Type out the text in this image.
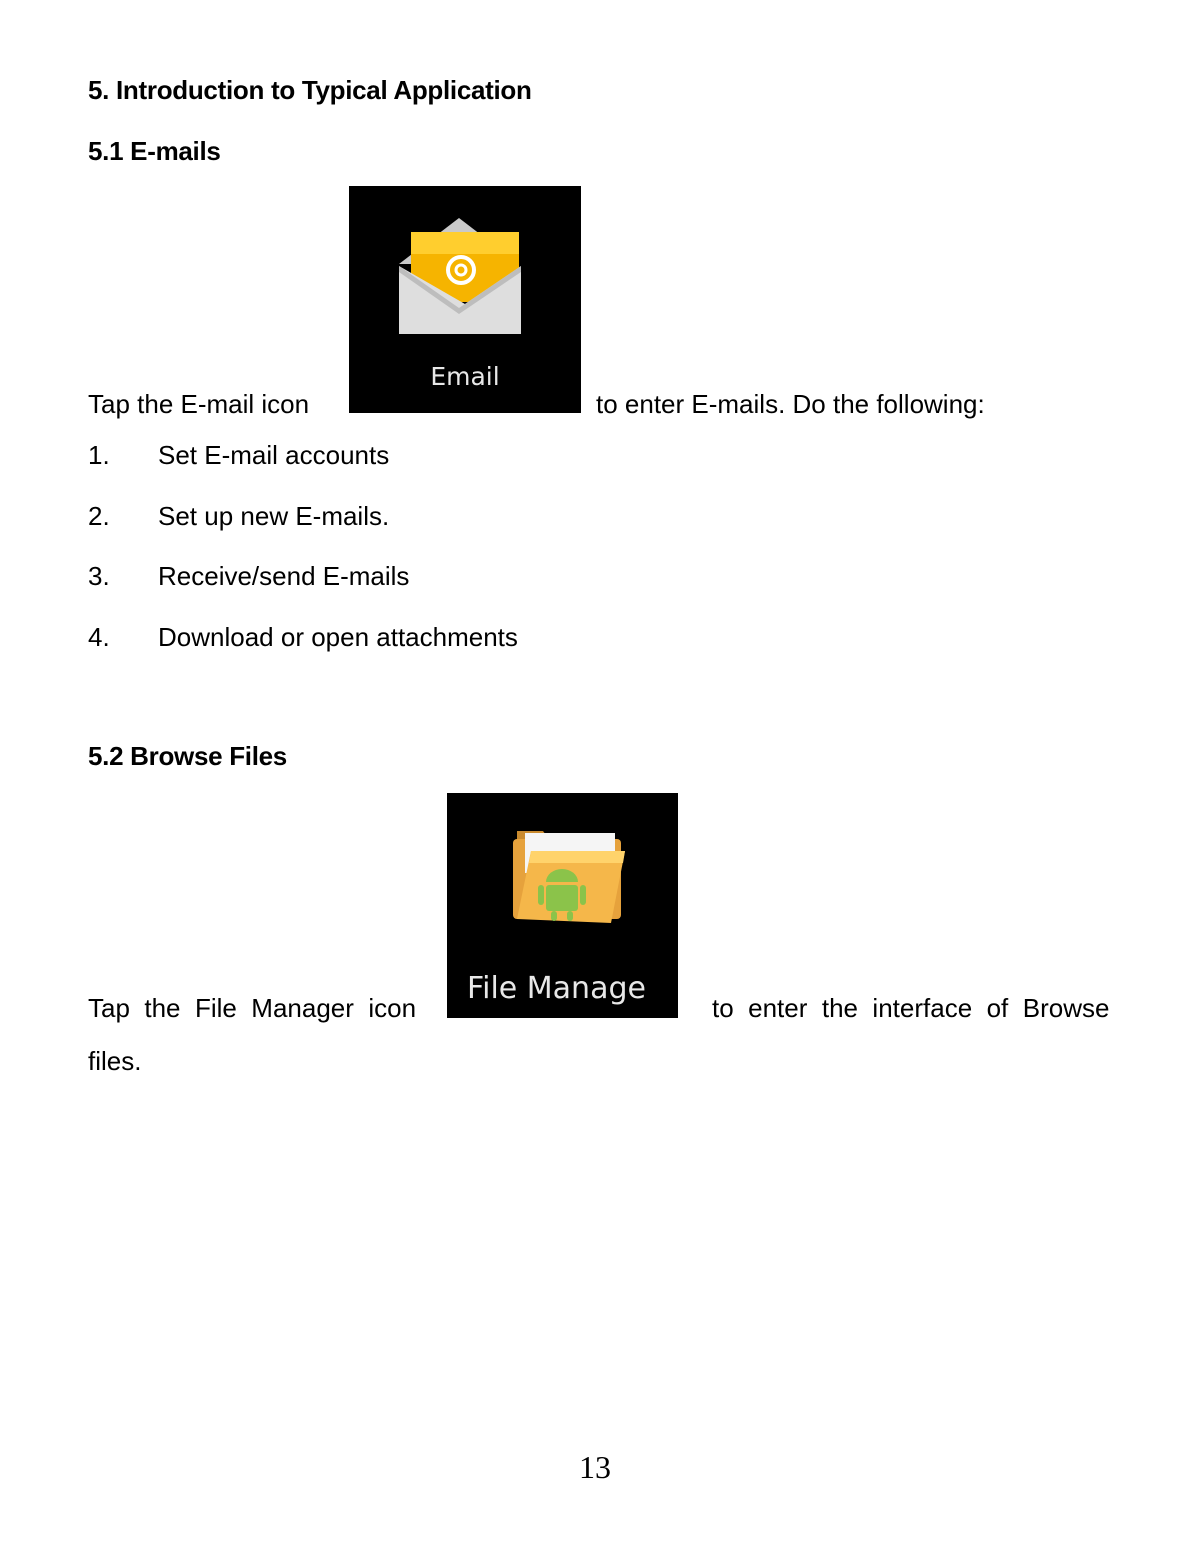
5. Introduction to Typical Application
5.1 E-mails
Email
Tap the E-mail icon	to enter E-mails. Do the following:
1. Set E-mail accounts
2. Set up new E-mails.
3. Receive/send E-mails
4. Download or open attachments
5.2 Browse Files
File Manage
Tap  the  File  Manager  icon	to  enter  the  interface  of  Browse
files.
13
